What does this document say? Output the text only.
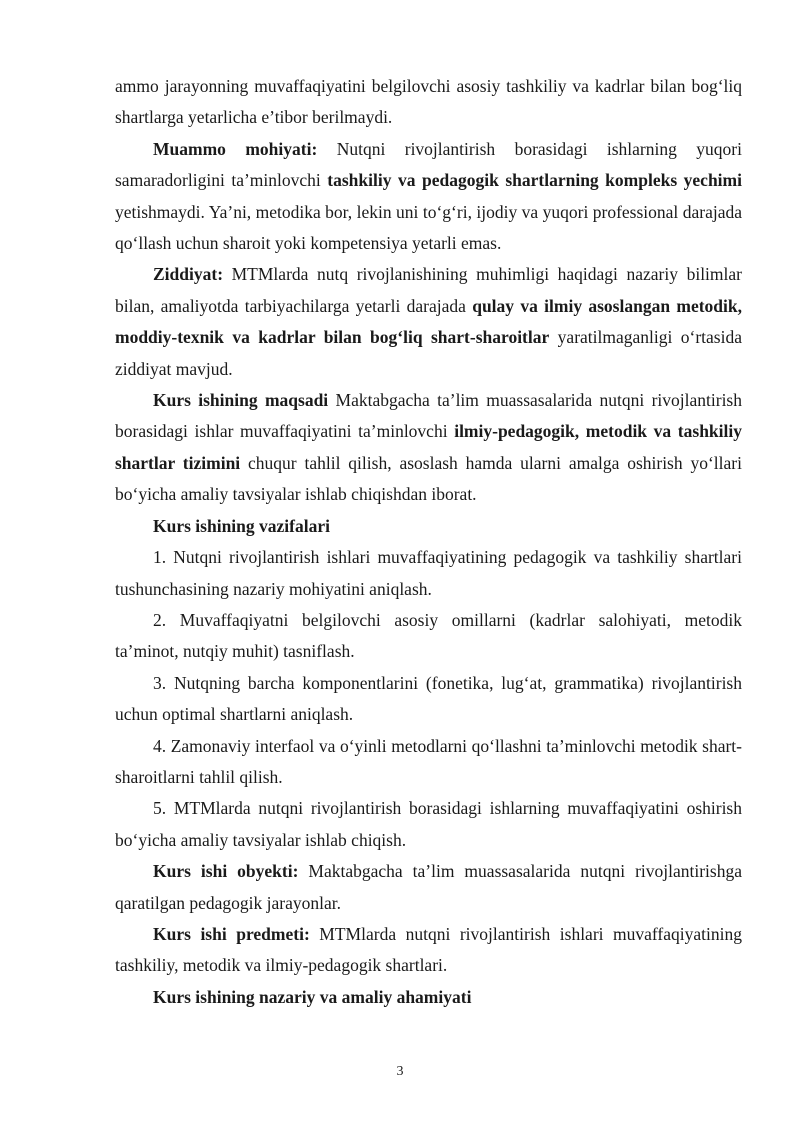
ammo jarayonning muvaffaqiyatini belgilovchi asosiy tashkiliy va kadrlar bilan bog‘liq shartlarga yetarlicha e’tibor berilmaydi.

Muammo mohiyati: Nutqni rivojlantirish borasidagi ishlarning yuqori samaradorligini ta’minlovchi tashkiliy va pedagogik shartlarning kompleks yechimi yetishmaydi. Ya’ni, metodika bor, lekin uni to‘g‘ri, ijodiy va yuqori professional darajada qo‘llash uchun sharoit yoki kompetensiya yetarli emas.

Ziddiyat: MTMlarda nutq rivojlanishining muhimligi haqidagi nazariy bilimlar bilan, amaliyotda tarbiyachilarga yetarli darajada qulay va ilmiy asoslangan metodik, moddiy-texnik va kadrlar bilan bog‘liq shart-sharoitlar yaratilmaganligi o‘rtasida ziddiyat mavjud.

Kurs ishining maqsadi Maktabgacha ta’lim muassasalarida nutqni rivojlantirish borasidagi ishlar muvaffaqiyatini ta’minlovchi ilmiy-pedagogik, metodik va tashkiliy shartlar tizimini chuqur tahlil qilish, asoslash hamda ularni amalga oshirish yo‘llari bo‘yicha amaliy tavsiyalar ishlab chiqishdan iborat.

Kurs ishining vazifalari

1. Nutqni rivojlantirish ishlari muvaffaqiyatining pedagogik va tashkiliy shartlari tushunchasining nazariy mohiyatini aniqlash.

2. Muvaffaqiyatni belgilovchi asosiy omillarni (kadrlar salohiyati, metodik ta’minot, nutqiy muhit) tasniflash.

3. Nutqning barcha komponentlarini (fonetika, lug‘at, grammatika) rivojlantirish uchun optimal shartlarni aniqlash.

4. Zamonaviy interfaol va o‘yinli metodlarni qo‘llashni ta’minlovchi metodik shart-sharoitlarni tahlil qilish.

5. MTMlarda nutqni rivojlantirish borasidagi ishlarning muvaffaqiyatini oshirish bo‘yicha amaliy tavsiyalar ishlab chiqish.

Kurs ishi obyekti: Maktabgacha ta’lim muassasalarida nutqni rivojlantirishga qaratilgan pedagogik jarayonlar.

Kurs ishi predmeti: MTMlarda nutqni rivojlantirish ishlari muvaffaqiyatining tashkiliy, metodik va ilmiy-pedagogik shartlari.

Kurs ishining nazariy va amaliy ahamiyati

3
